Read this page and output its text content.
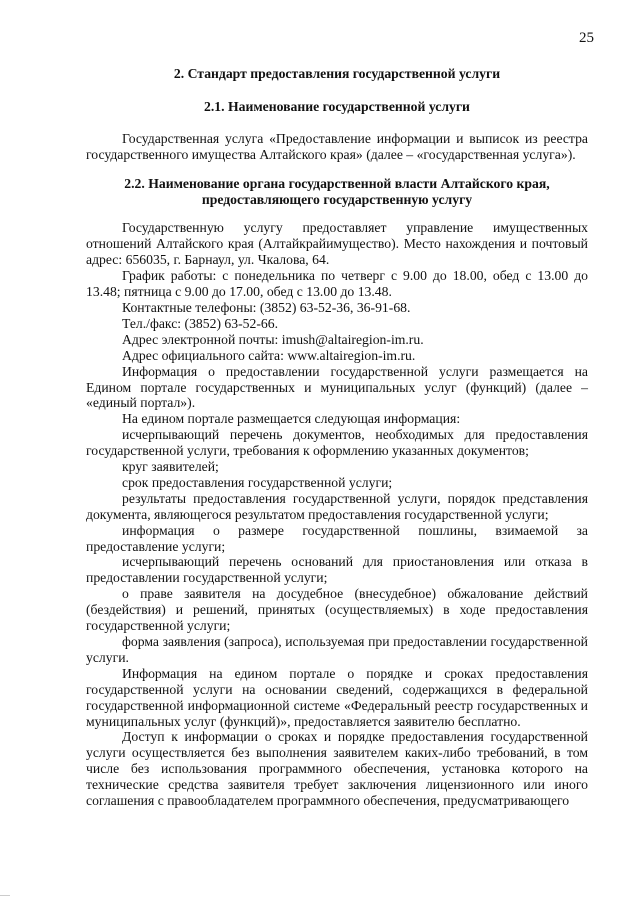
25

2. Стандарт предоставления государственной услуги

2.1. Наименование государственной услуги

Государственная услуга «Предоставление информации и выписок из реестра государственного имущества Алтайского края» (далее – «государственная услуга»).

2.2. Наименование органа государственной власти Алтайского края,
предоставляющего государственную услугу

Государственную услугу предоставляет управление имущественных отношений Алтайского края (Алтайкрайимущество). Место нахождения и почтовый адрес: 656035, г. Барнаул, ул. Чкалова, 64.

График работы: с понедельника по четверг с 9.00 до 18.00, обед с 13.00 до 13.48; пятница с 9.00 до 17.00, обед с 13.00 до 13.48.

Контактные телефоны: (3852) 63-52-36, 36-91-68.

Тел./факс: (3852) 63-52-66.

Адрес электронной почты: imush@altairegion-im.ru.

Адрес официального сайта: www.altairegion-im.ru.

Информация о предоставлении государственной услуги размещается на Едином портале государственных и муниципальных услуг (функций) (далее – «единый портал»).

На едином портале размещается следующая информация:

исчерпывающий перечень документов, необходимых для предоставления государственной услуги, требования к оформлению указанных документов;

круг заявителей;

срок предоставления государственной услуги;

результаты предоставления государственной услуги, порядок представления документа, являющегося результатом предоставления государственной услуги;

информация о размере государственной пошлины, взимаемой за предоставление услуги;

исчерпывающий перечень оснований для приостановления или отказа в предоставлении государственной услуги;

о праве заявителя на досудебное (внесудебное) обжалование действий (бездействия) и решений, принятых (осуществляемых) в ходе предоставления государственной услуги;

форма заявления (запроса), используемая при предоставлении государственной услуги.

Информация на едином портале о порядке и сроках предоставления государственной услуги на основании сведений, содержащихся в федеральной государственной информационной системе «Федеральный реестр государственных и муниципальных услуг (функций)», предоставляется заявителю бесплатно.

Доступ к информации о сроках и порядке предоставления государственной услуги осуществляется без выполнения заявителем каких-либо требований, в том числе без использования программного обеспечения, установка которого на технические средства заявителя требует заключения лицензионного или иного соглашения с правообладателем программного обеспечения, предусматривающего
